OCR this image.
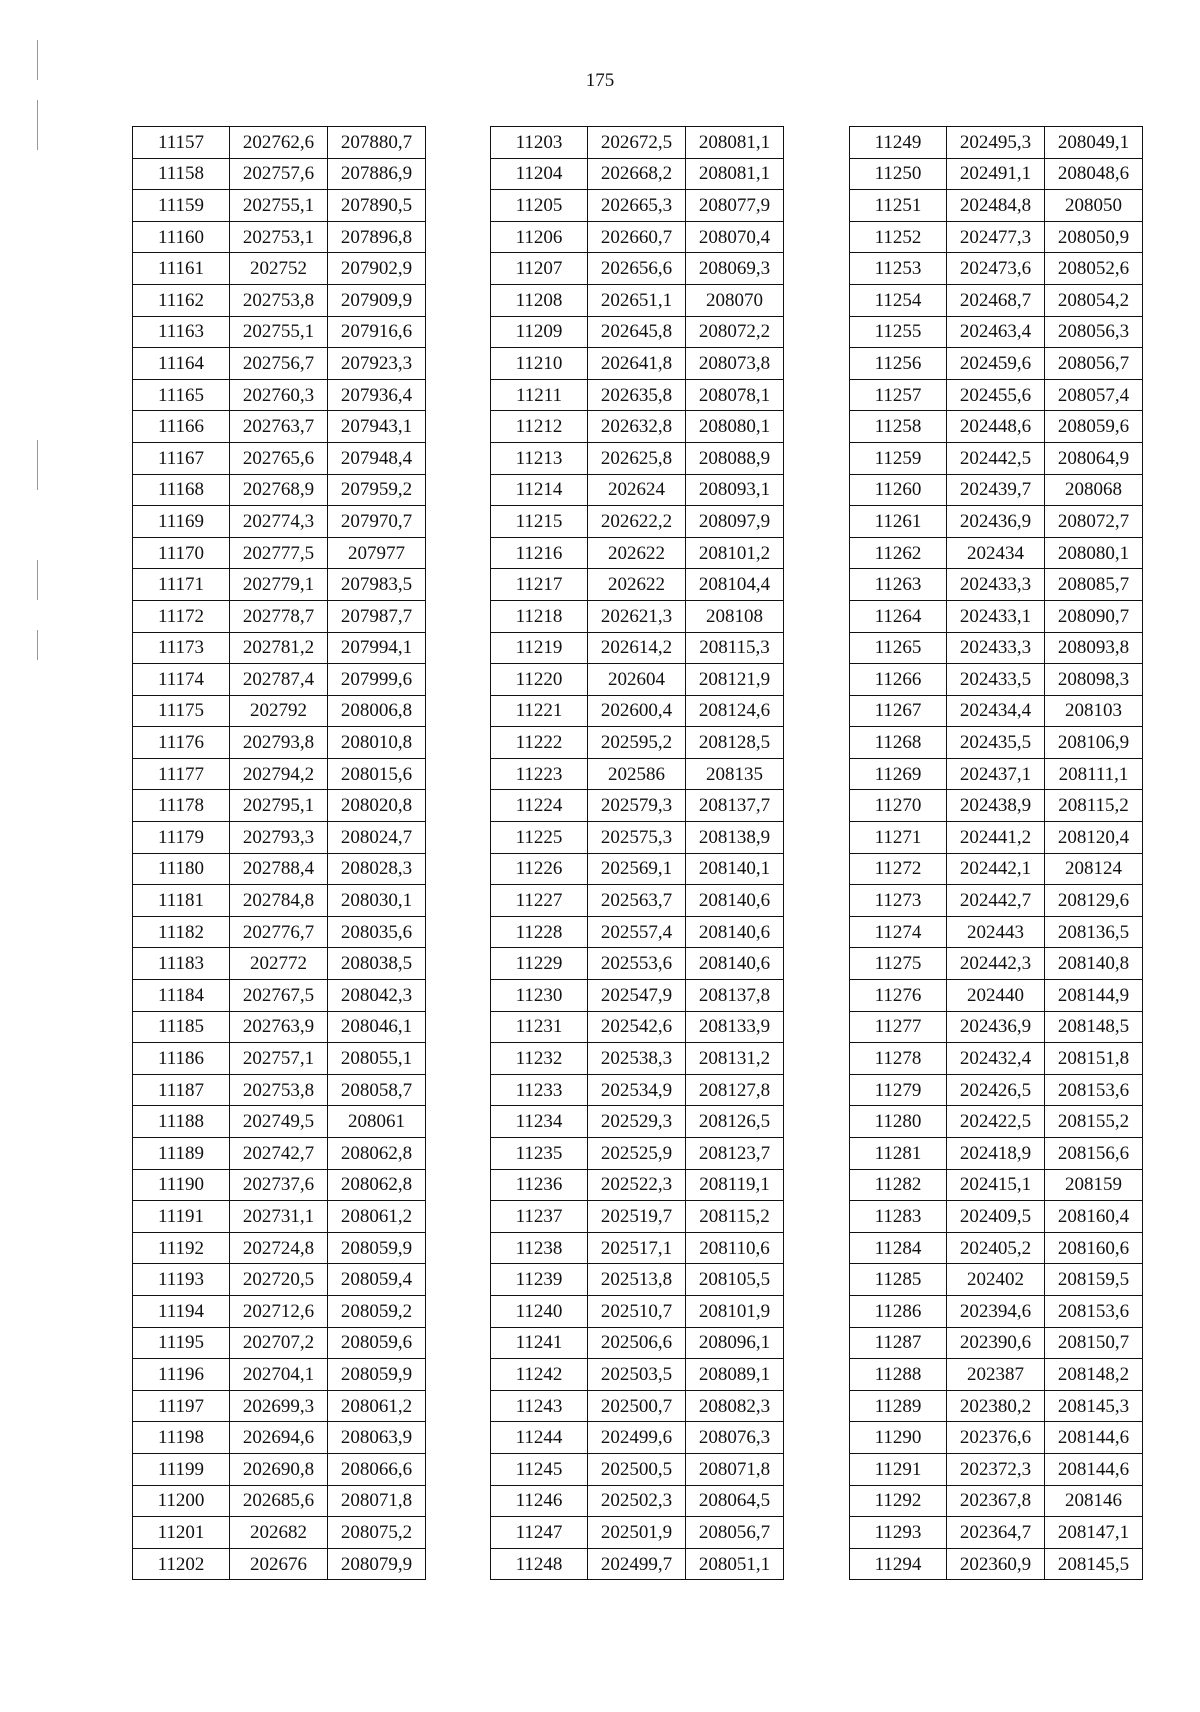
175
11157	202762,6	207880,7
11158	202757,6	207886,9
11159	202755,1	207890,5
11160	202753,1	207896,8
11161	202752	207902,9
11162	202753,8	207909,9
11163	202755,1	207916,6
11164	202756,7	207923,3
11165	202760,3	207936,4
11166	202763,7	207943,1
11167	202765,6	207948,4
11168	202768,9	207959,2
11169	202774,3	207970,7
11170	202777,5	207977
11171	202779,1	207983,5
11172	202778,7	207987,7
11173	202781,2	207994,1
11174	202787,4	207999,6
11175	202792	208006,8
11176	202793,8	208010,8
11177	202794,2	208015,6
11178	202795,1	208020,8
11179	202793,3	208024,7
11180	202788,4	208028,3
11181	202784,8	208030,1
11182	202776,7	208035,6
11183	202772	208038,5
11184	202767,5	208042,3
11185	202763,9	208046,1
11186	202757,1	208055,1
11187	202753,8	208058,7
11188	202749,5	208061
11189	202742,7	208062,8
11190	202737,6	208062,8
11191	202731,1	208061,2
11192	202724,8	208059,9
11193	202720,5	208059,4
11194	202712,6	208059,2
11195	202707,2	208059,6
11196	202704,1	208059,9
11197	202699,3	208061,2
11198	202694,6	208063,9
11199	202690,8	208066,6
11200	202685,6	208071,8
11201	202682	208075,2
11202	202676	208079,9
11203	202672,5	208081,1
11204	202668,2	208081,1
11205	202665,3	208077,9
11206	202660,7	208070,4
11207	202656,6	208069,3
11208	202651,1	208070
11209	202645,8	208072,2
11210	202641,8	208073,8
11211	202635,8	208078,1
11212	202632,8	208080,1
11213	202625,8	208088,9
11214	202624	208093,1
11215	202622,2	208097,9
11216	202622	208101,2
11217	202622	208104,4
11218	202621,3	208108
11219	202614,2	208115,3
11220	202604	208121,9
11221	202600,4	208124,6
11222	202595,2	208128,5
11223	202586	208135
11224	202579,3	208137,7
11225	202575,3	208138,9
11226	202569,1	208140,1
11227	202563,7	208140,6
11228	202557,4	208140,6
11229	202553,6	208140,6
11230	202547,9	208137,8
11231	202542,6	208133,9
11232	202538,3	208131,2
11233	202534,9	208127,8
11234	202529,3	208126,5
11235	202525,9	208123,7
11236	202522,3	208119,1
11237	202519,7	208115,2
11238	202517,1	208110,6
11239	202513,8	208105,5
11240	202510,7	208101,9
11241	202506,6	208096,1
11242	202503,5	208089,1
11243	202500,7	208082,3
11244	202499,6	208076,3
11245	202500,5	208071,8
11246	202502,3	208064,5
11247	202501,9	208056,7
11248	202499,7	208051,1
11249	202495,3	208049,1
11250	202491,1	208048,6
11251	202484,8	208050
11252	202477,3	208050,9
11253	202473,6	208052,6
11254	202468,7	208054,2
11255	202463,4	208056,3
11256	202459,6	208056,7
11257	202455,6	208057,4
11258	202448,6	208059,6
11259	202442,5	208064,9
11260	202439,7	208068
11261	202436,9	208072,7
11262	202434	208080,1
11263	202433,3	208085,7
11264	202433,1	208090,7
11265	202433,3	208093,8
11266	202433,5	208098,3
11267	202434,4	208103
11268	202435,5	208106,9
11269	202437,1	208111,1
11270	202438,9	208115,2
11271	202441,2	208120,4
11272	202442,1	208124
11273	202442,7	208129,6
11274	202443	208136,5
11275	202442,3	208140,8
11276	202440	208144,9
11277	202436,9	208148,5
11278	202432,4	208151,8
11279	202426,5	208153,6
11280	202422,5	208155,2
11281	202418,9	208156,6
11282	202415,1	208159
11283	202409,5	208160,4
11284	202405,2	208160,6
11285	202402	208159,5
11286	202394,6	208153,6
11287	202390,6	208150,7
11288	202387	208148,2
11289	202380,2	208145,3
11290	202376,6	208144,6
11291	202372,3	208144,6
11292	202367,8	208146
11293	202364,7	208147,1
11294	202360,9	208145,5
